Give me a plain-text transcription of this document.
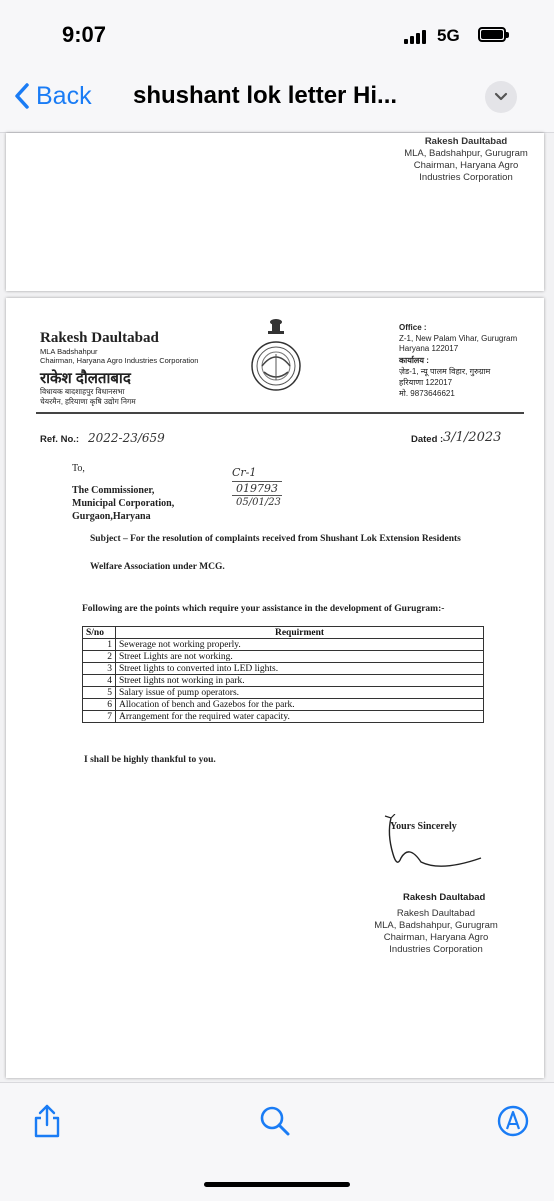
9:07	5G
Back shushant lok letter Hi...
Rakesh Daultabad
MLA, Badshahpur, Gurugram
Chairman, Haryana Agro
Industries Corporation
Rakesh Daultabad
MLA Badshahpur
Chairman, Haryana Agro Industries Corporation
राकेश दौलताबाद
विधायक बादशाहपुर विधानसभा
चेयरमैन, हरियाणा कृषि उद्योग निगम
Office :
Z-1, New Palam Vihar, Gurugram
Haryana 122017
कार्यालय :
ज़ेड-1, न्यू पालम विहार, गुरुग्राम
हरियाणा 122017
मो. 9873646621
Ref. No.: 2022-23/659	Dated : 3/1/2023
To,
The Commissioner,
Municipal Corporation,
Gurgaon,Haryana
Cr-1
019793
05/01/23
Subject – For the resolution of complaints received from Shushant Lok Extension Residents
Welfare Association under MCG.
Following are the points which require your assistance in the development of Gurugram:-
S/no	Requirment
1	Sewerage not working properly.
2	Street Lights are not working.
3	Street lights to converted into LED lights.
4	Street lights not working in park.
5	Salary issue of pump operators.
6	Allocation of bench and Gazebos for the park.
7	Arrangement for the required water capacity.
I shall be highly thankful to you.
Yours Sincerely
Rakesh Daultabad
Rakesh Daultabad
MLA, Badshahpur, Gurugram
Chairman, Haryana Agro
Industries Corporation
